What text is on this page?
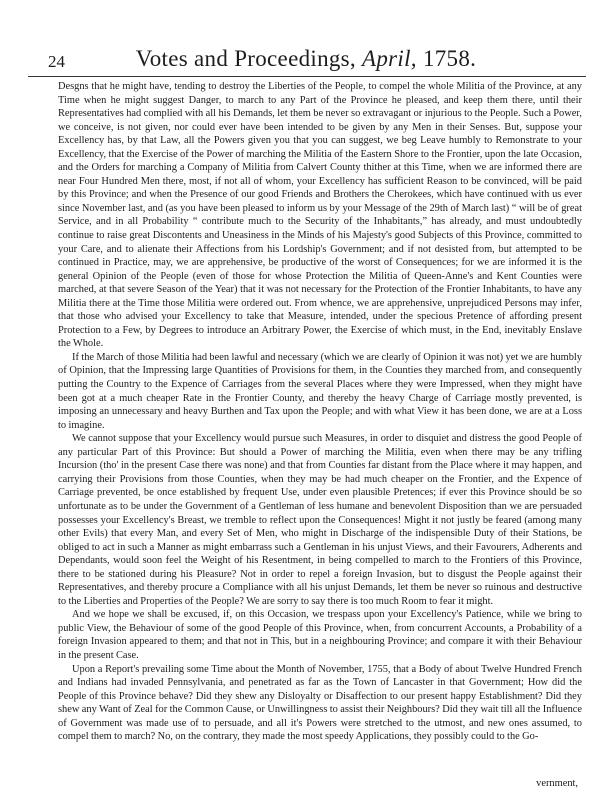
24	Votes and Proceedings, April, 1758.

Desgns that he might have, tending to destroy the Liberties of the People, to compel the whole Militia of the Province, at any Time when he might suggest Danger, to march to any Part of the Province he pleased, and keep them there, until their Representatives had complied with all his Demands, let them be never so extravagant or injurious to the People. Such a Power, we conceive, is not given, nor could ever have been intended to be given by any Men in their Senses. But, suppose your Excellency has, by that Law, all the Powers given you that you can suggest, we beg Leave humbly to Remonstrate to your Excellency, that the Exercise of the Power of marching the Militia of the Eastern Shore to the Frontier, upon the late Occasion, and the Orders for marching a Company of Militia from Calvert County thither at this Time, when we are informed there are near Four Hundred Men there, most, if not all of whom, your Excellency has sufficient Reason to be convinced, will be paid by this Province; and when the Presence of our good Friends and Brothers the Cherokees, which have continued with us ever since November last, and (as you have been pleased to inform us by your Message of the 29th of March last) “ will be of great Service, and in all Probability “ contribute much to the Security of the Inhabitants,” has already, and must undoubtedly continue to raise great Discontents and Uneasiness in the Minds of his Majesty's good Subjects of this Province, committed to your Care, and to alienate their Affections from his Lordship's Government; and if not desisted from, but attempted to be continued in Practice, may, we are apprehensive, be productive of the worst of Consequences; for we are informed it is the general Opinion of the People (even of those for whose Protection the Militia of Queen-Anne's and Kent Counties were marched, at that severe Season of the Year) that it was not necessary for the Protection of the Frontier Inhabitants, to have any Militia there at the Time those Militia were ordered out. From whence, we are apprehensive, unprejudiced Persons may infer, that those who advised your Excellency to take that Measure, intended, under the specious Pretence of affording present Protection to a Few, by Degrees to introduce an Arbitrary Power, the Exercise of which must, in the End, inevitably Enslave the Whole.

If the March of those Militia had been lawful and necessary (which we are clearly of Opinion it was not) yet we are humbly of Opinion, that the Impressing large Quantities of Provisions for them, in the Counties they marched from, and consequently putting the Country to the Expence of Carriages from the several Places where they were Impressed, when they might have been got at a much cheaper Rate in the Frontier County, and thereby the heavy Charge of Carriage mostly prevented, is imposing an unnecessary and heavy Burthen and Tax upon the People; and with what View it has been done, we are at a Loss to imagine.

We cannot suppose that your Excellency would pursue such Measures, in order to disquiet and distress the good People of any particular Part of this Province: But should a Power of marching the Militia, even when there may be any trifling Incursion (tho' in the present Case there was none) and that from Counties far distant from the Place where it may happen, and carrying their Provisions from those Counties, when they may be had much cheaper on the Frontier, and the Expence of Carriage prevented, be once established by frequent Use, under even plausible Pretences; if ever this Province should be so unfortunate as to be under the Government of a Gentleman of less humane and benevolent Disposition than we are persuaded possesses your Excellency's Breast, we tremble to reflect upon the Consequences! Might it not justly be feared (among many other Evils) that every Man, and every Set of Men, who might in Discharge of the indispensible Duty of their Stations, be obliged to act in such a Manner as might embarrass such a Gentleman in his unjust Views, and their Favourers, Adherents and Dependants, would soon feel the Weight of his Resentment, in being compelled to march to the Frontiers of this Province, there to be stationed during his Pleasure? Not in order to repel a foreign Invasion, but to disgust the People against their Representatives, and thereby procure a Compliance with all his unjust Demands, let them be never so ruinous and destructive to the Liberties and Properties of the People? We are sorry to say there is too much Room to fear it might.

And we hope we shall be excused, if, on this Occasion, we trespass upon your Excellency's Patience, while we bring to public View, the Behaviour of some of the good People of this Province, when, from concurrent Accounts, a Probability of a foreign Invasion appeared to them; and that not in This, but in a neighbouring Province; and compare it with their Behaviour in the present Case.

Upon a Report's prevailing some Time about the Month of November, 1755, that a Body of about Twelve Hundred French and Indians had invaded Pennsylvania, and penetrated as far as the Town of Lancaster in that Government; How did the People of this Province behave? Did they shew any Disloyalty or Disaffection to our present happy Establishment? Did they shew any Want of Zeal for the Common Cause, or Unwillingness to assist their Neighbours? Did they wait till all the Influence of Government was made use of to persuade, and all it's Powers were stretched to the utmost, and new ones assumed, to compel them to march? No, on the contrary, they made the most speedy Applications, they possibly could to the Go-

vernment,
